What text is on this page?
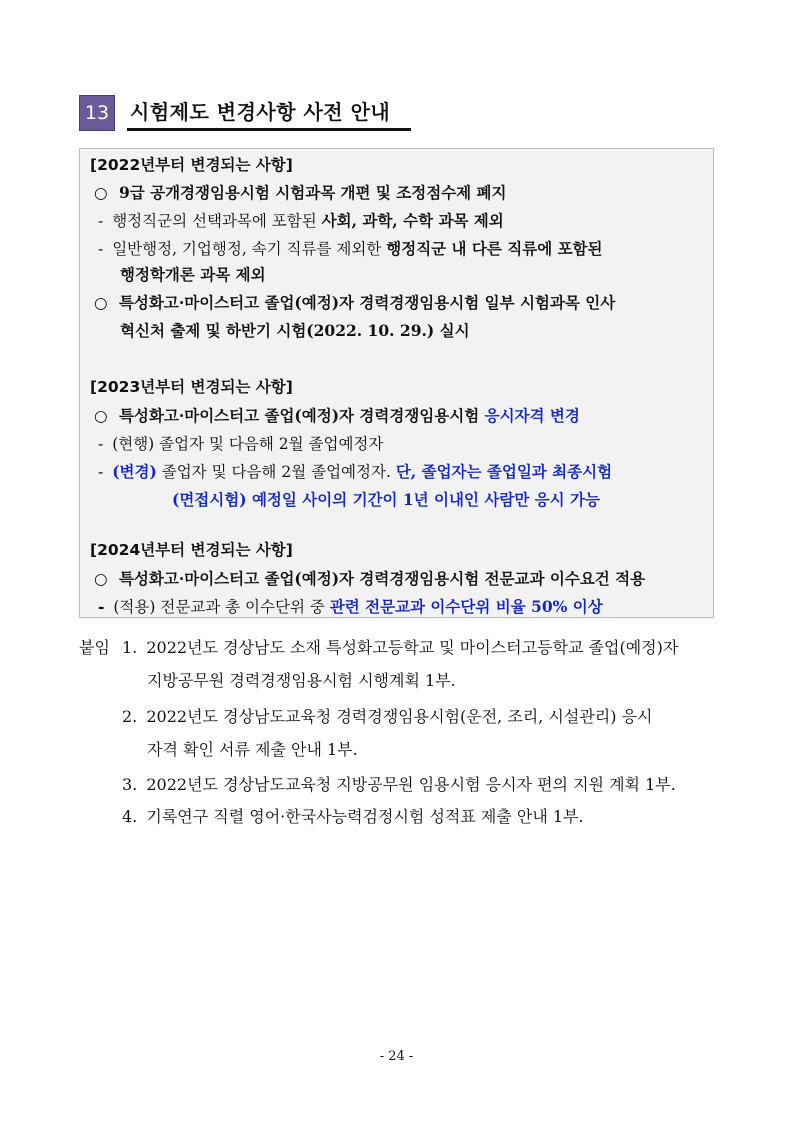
13 시험제도 변경사항 사전 안내
[2022년부터 변경되는 사항]
○ 9급 공개경쟁임용시험 시험과목 개편 및 조정점수제 폐지
- 행정직군의 선택과목에 포함된 사회, 과학, 수학 과목 제외
- 일반행정, 기업행정, 속기 직류를 제외한 행정직군 내 다른 직류에 포함된
행정학개론 과목 제외
○ 특성화고·마이스터고 졸업(예정)자 경력경쟁임용시험 일부 시험과목 인사
혁신처 출제 및 하반기 시험(2022. 10. 29.) 실시
[2023년부터 변경되는 사항]
○ 특성화고·마이스터고 졸업(예정)자 경력경쟁임용시험 응시자격 변경
- (현행) 졸업자 및 다음해 2월 졸업예정자
- (변경) 졸업자 및 다음해 2월 졸업예정자. 단, 졸업자는 졸업일과 최종시험
(면접시험) 예정일 사이의 기간이 1년 이내인 사람만 응시 가능
[2024년부터 변경되는 사항]
○ 특성화고·마이스터고 졸업(예정)자 경력경쟁임용시험 전문교과 이수요건 적용
- (적용) 전문교과 총 이수단위 중 관련 전문교과 이수단위 비율 50% 이상
붙임 1. 2022년도 경상남도 소재 특성화고등학교 및 마이스터고등학교 졸업(예정)자
지방공무원 경력경쟁임용시험 시행계획 1부.
2. 2022년도 경상남도교육청 경력경쟁임용시험(운전, 조리, 시설관리) 응시
자격 확인 서류 제출 안내 1부.
3. 2022년도 경상남도교육청 지방공무원 임용시험 응시자 편의 지원 계획 1부.
4. 기록연구 직렬 영어·한국사능력검정시험 성적표 제출 안내 1부.
- 24 -
